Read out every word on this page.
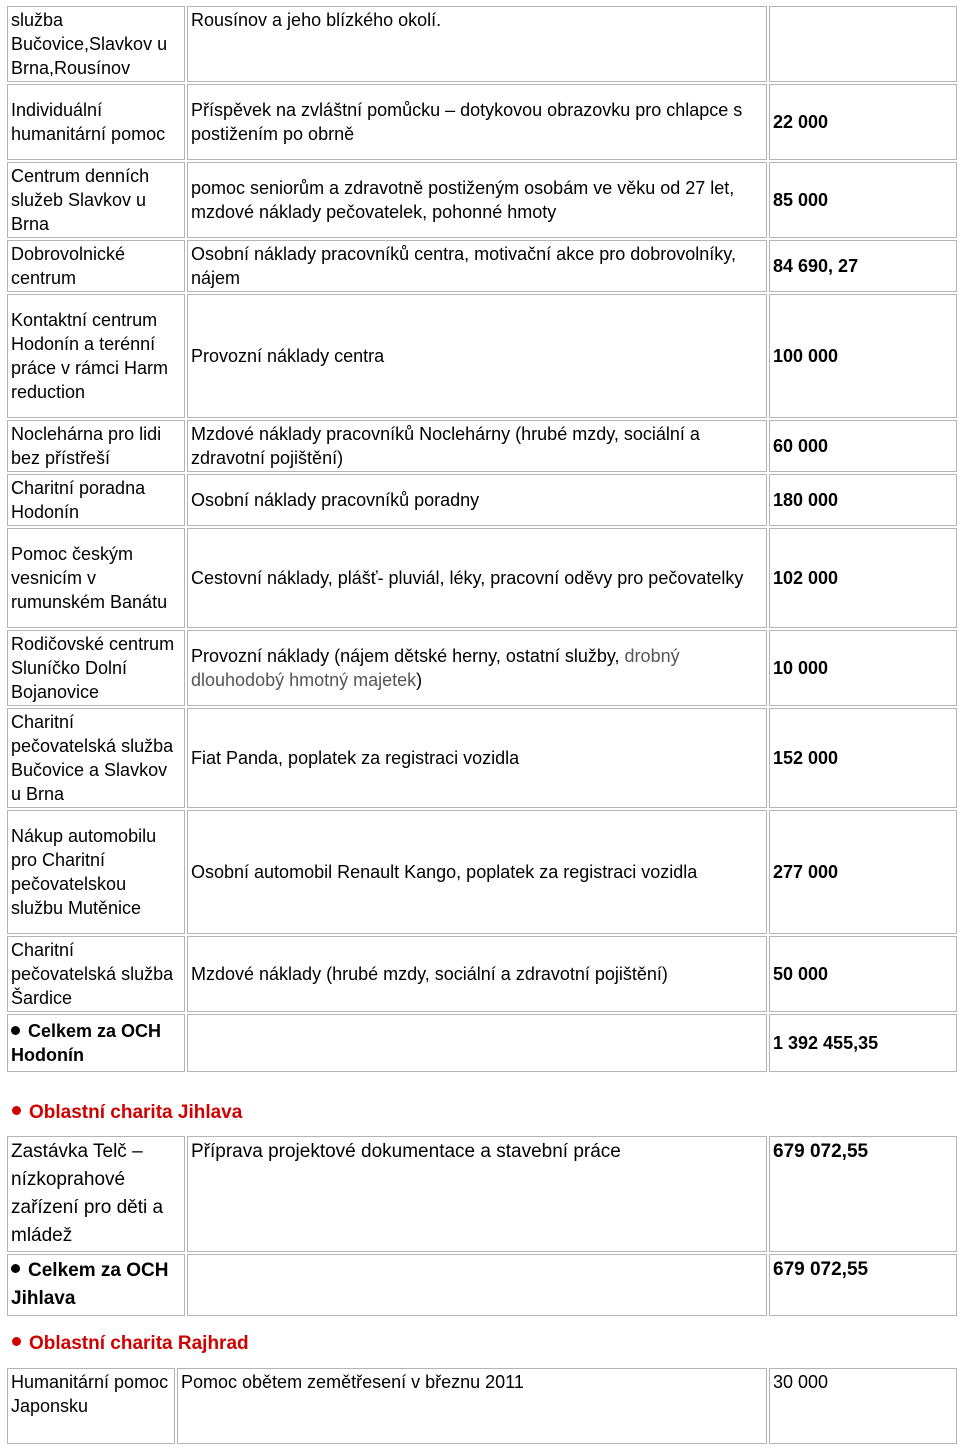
služba Bučovice,Slavkov u Brna,Rousínov	Rousínov a jeho blízkého okolí.	
Individuální humanitární pomoc	Příspěvek na zvláštní pomůcku – dotykovou obrazovku pro chlapce s postižením po obrně	22 000
Centrum denních služeb Slavkov u Brna	pomoc seniorům a zdravotně postiženým osobám ve věku od 27 let, mzdové náklady pečovatelek, pohonné hmoty	85 000
Dobrovolnické centrum	Osobní náklady pracovníků centra, motivační akce pro dobrovolníky, nájem	84 690, 27
Kontaktní centrum Hodonín a terénní práce v rámci Harm reduction	Provozní náklady centra	100 000
Noclehárna pro lidi bez přístřeší	Mzdové náklady pracovníků Noclehárny (hrubé mzdy, sociální a zdravotní pojištění)	60 000
Charitní poradna Hodonín	Osobní náklady pracovníků poradny	180 000
Pomoc českým vesnicím v rumunském Banátu	Cestovní náklady, plášť- pluviál, léky, pracovní oděvy pro pečovatelky	102 000
Rodičovské centrum Sluníčko Dolní Bojanovice	Provozní náklady (nájem dětské herny, ostatní služby, drobný dlouhodobý hmotný majetek)	10 000
Charitní pečovatelská služba Bučovice a Slavkov u Brna	Fiat Panda, poplatek za registraci vozidla	152 000
Nákup automobilu pro Charitní pečovatelskou službu Mutěnice	Osobní automobil Renault Kango, poplatek za registraci vozidla	277 000
Charitní pečovatelská služba Šardice	Mzdové náklady (hrubé mzdy, sociální a zdravotní pojištění)	50 000
Celkem za OCH Hodonín		1 392 455,35
Oblastní charita Jihlava
Zastávka Telč – nízkoprahové zařízení pro děti a mládež	Příprava projektové dokumentace a stavební práce	679 072,55
Celkem za OCH Jihlava		679 072,55
Oblastní charita Rajhrad
Humanitární pomoc Japonsku	Pomoc obětem zemětřesení v březnu 2011	30 000
